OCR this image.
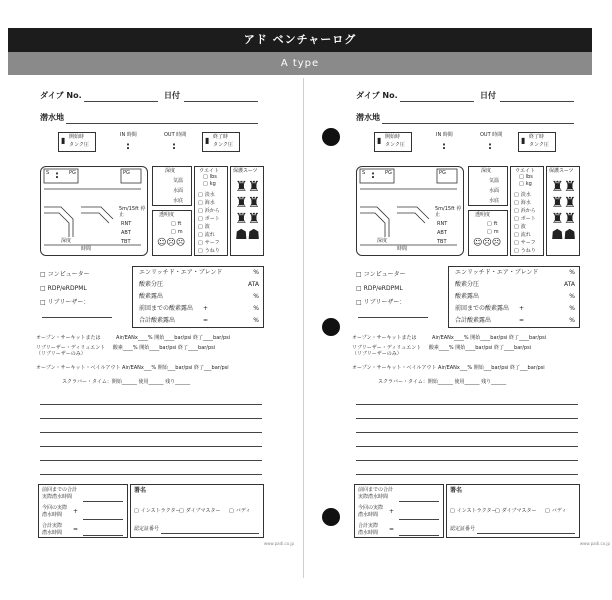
アド ベンチャーログ
A type
ダイブ No.	日付
潜水地
▮ 開始時
タンク圧
IN 時間
:
OUT 時間
:
▮ 終了時
タンク圧
S : PG	PG
5m/15ft 停止
RNT
ABT
TBT
深度
時間
深度
気温
水面
水底
透明度
□ ft
□ m
☺☹☹
ウエイト
□ lbs
□ kg
□ 淡水
□ 海水
□ 浜から
□ ボート
□ 波
□ 流れ
□ サーフ
□ うねり
保護スーツ
♜♜
♜♜
♜♜
☗☗
□ コンピューター
□ RDP/eRDPML
□ リブリーザー：
エンリッチド・エア・ブレンド	%
酸素分圧	ATA
酸素露出	%
前回までの酸素露出 +	%
合計酸素露出	=	%
オープン・サーキットまたは	Air/EANx____% 開始____bar/psi 終了____bar/psi
リブリーザー・ディリュエント 酸素____% 開始____bar/psi 終了____bar/psi
（リブリーザーのみ）
オープン・サーキット・ベイルアウト Air/EANx___% 開始___bar/psi 終了___bar/psi
スクラバー・タイム：開始______ 使用______ 残り______
前回までの合計
実際潜水時間
今回の実際
潜水時間 +
合計実際
潜水時間 =
署名
□ インストラクター	□ ダイブマスター	□ バディ
認定証番号
www.padi.co.jp
ダイブ No.	日付
潜水地
▮ 開始時
タンク圧
IN 時間
:
OUT 時間
:
▮ 終了時
タンク圧
S : PG	PG
5m/15ft 停止
RNT
ABT
TBT
深度
時間
深度
気温
水面
水底
透明度
□ ft
□ m
☺☹☹
ウエイト
□ lbs
□ kg
□ 淡水
□ 海水
□ 浜から
□ ボート
□ 波
□ 流れ
□ サーフ
□ うねり
保護スーツ
♜♜
♜♜
♜♜
☗☗
□ コンピューター
□ RDP/eRDPML
□ リブリーザー：
エンリッチド・エア・ブレンド	%
酸素分圧	ATA
酸素露出	%
前回までの酸素露出 +	%
合計酸素露出	=	%
オープン・サーキットまたは	Air/EANx____% 開始____bar/psi 終了____bar/psi
リブリーザー・ディリュエント 酸素____% 開始____bar/psi 終了____bar/psi
（リブリーザーのみ）
オープン・サーキット・ベイルアウト Air/EANx___% 開始___bar/psi 終了___bar/psi
スクラバー・タイム：開始______ 使用______ 残り______
前回までの合計
実際潜水時間
今回の実際
潜水時間 +
合計実際
潜水時間 =
署名
□ インストラクター	□ ダイブマスター	□ バディ
認定証番号
www.padi.co.jp
